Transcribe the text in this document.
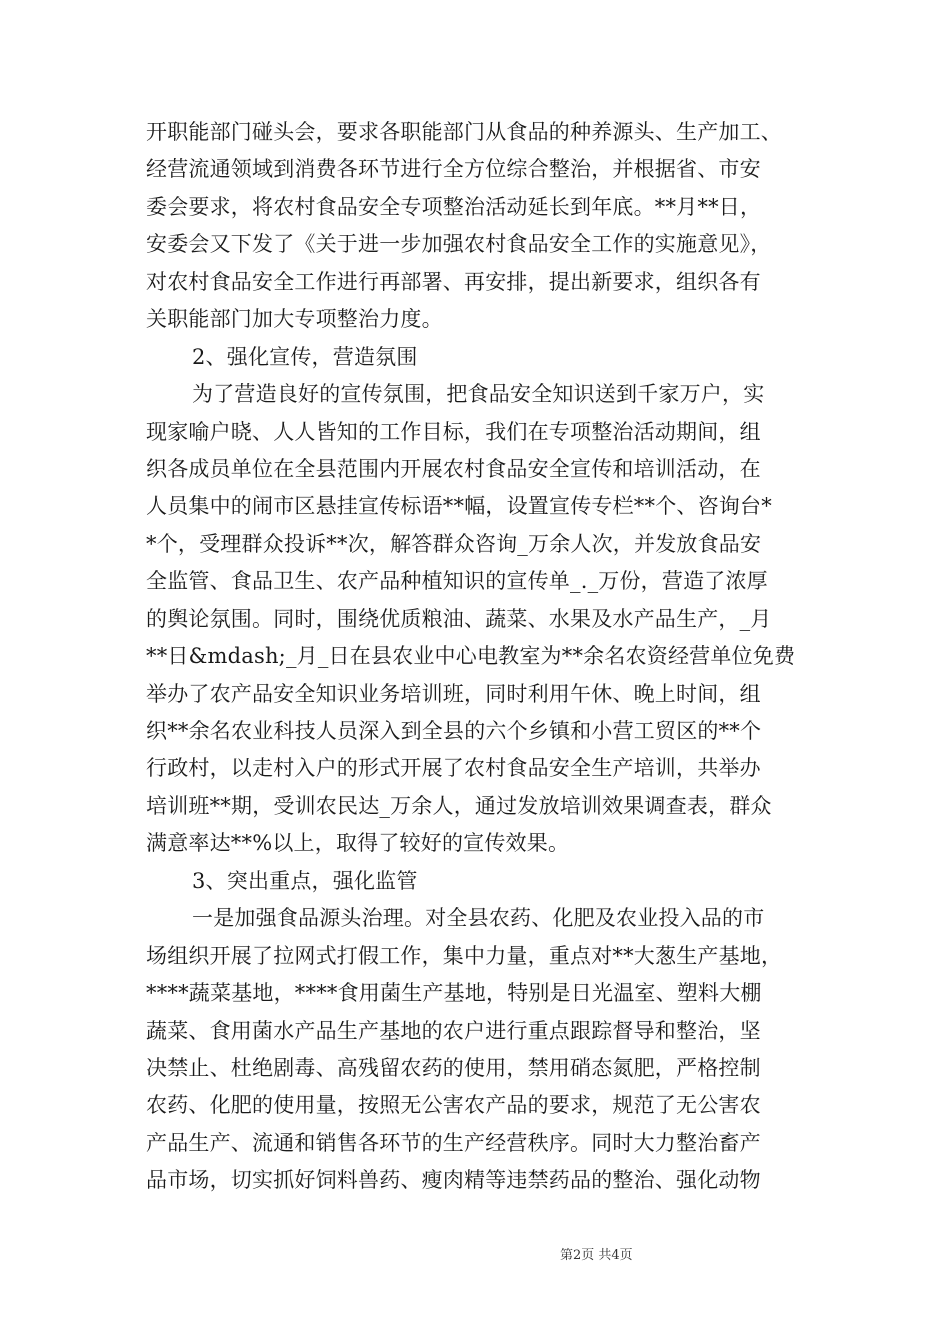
开职能部门碰头会，要求各职能部门从食品的种养源头、生产加工、
经营流通领域到消费各环节进行全方位综合整治，并根据省、市安
委会要求，将农村食品安全专项整治活动延长到年底。**月**日，
安委会又下发了《关于进一步加强农村食品安全工作的实施意见》，
对农村食品安全工作进行再部署、再安排，提出新要求，组织各有
关职能部门加大专项整治力度。
2、强化宣传，营造氛围
为了营造良好的宣传氛围，把食品安全知识送到千家万户，实
现家喻户晓、人人皆知的工作目标，我们在专项整治活动期间，组
织各成员单位在全县范围内开展农村食品安全宣传和培训活动，在
人员集中的闹市区悬挂宣传标语**幅，设置宣传专栏**个、咨询台*
*个，受理群众投诉**次，解答群众咨询_万余人次，并发放食品安
全监管、食品卫生、农产品种植知识的宣传单_._万份，营造了浓厚
的舆论氛围。同时，围绕优质粮油、蔬菜、水果及水产品生产，_月
**日&mdash;_月_日在县农业中心电教室为**余名农资经营单位免费
举办了农产品安全知识业务培训班，同时利用午休、晚上时间，组
织**余名农业科技人员深入到全县的六个乡镇和小营工贸区的**个
行政村，以走村入户的形式开展了农村食品安全生产培训，共举办
培训班**期，受训农民达_万余人，通过发放培训效果调查表，群众
满意率达**%以上，取得了较好的宣传效果。
3、突出重点，强化监管
一是加强食品源头治理。对全县农药、化肥及农业投入品的市
场组织开展了拉网式打假工作，集中力量，重点对**大葱生产基地，
****蔬菜基地，****食用菌生产基地，特别是日光温室、塑料大棚
蔬菜、食用菌水产品生产基地的农户进行重点跟踪督导和整治，坚
决禁止、杜绝剧毒、高残留农药的使用，禁用硝态氮肥，严格控制
农药、化肥的使用量，按照无公害农产品的要求，规范了无公害农
产品生产、流通和销售各环节的生产经营秩序。同时大力整治畜产
品市场，切实抓好饲料兽药、瘦肉精等违禁药品的整治、强化动物
第2页 共4页
